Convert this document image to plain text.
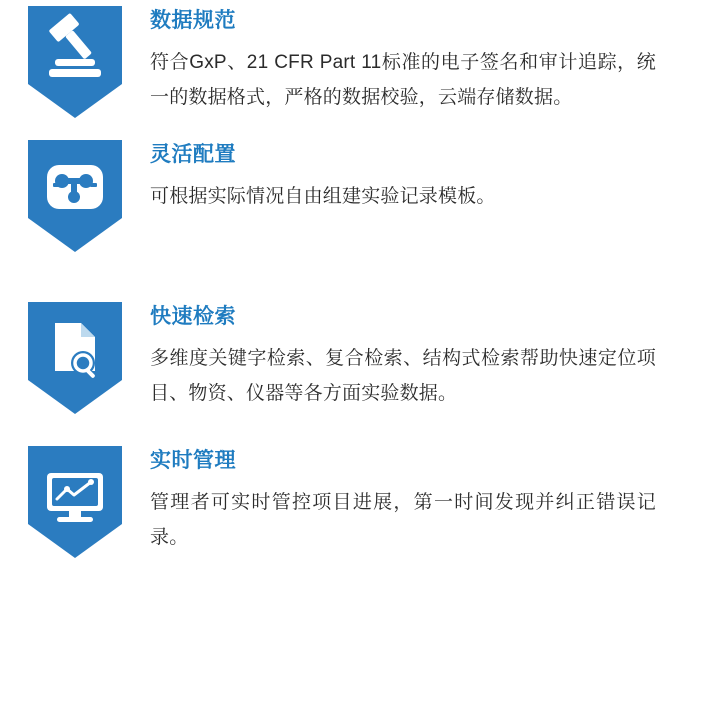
数据规范

符合GxP、21 CFR Part 11标准的电子签名和审计追踪，统一的数据格式，严格的数据校验，云端存储数据。

灵活配置

可根据实际情况自由组建实验记录模板。

快速检索

多维度关键字检索、复合检索、结构式检索帮助快速定位项目、物资、仪器等各方面实验数据。

实时管理

管理者可实时管控项目进展，第一时间发现并纠正错误记录。
